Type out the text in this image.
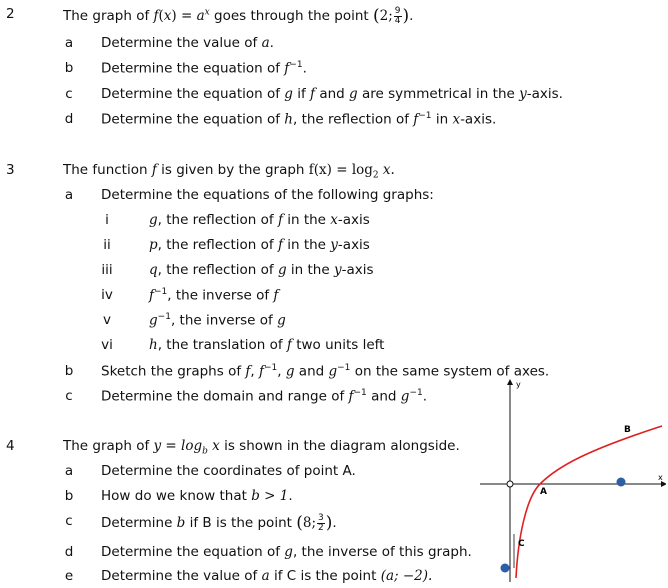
2	The graph of $f(x) = a^x$ goes through the point (2; $\frac{9}{4}$ ).
a Determine the value of a.
b Determine the equation of $f^{-1}$.
c Determine the equation of g if f and g are symmetrical in the y-axis.
d Determine the equation of h, the reflection of $f^{-1}$ in x-axis.
3	The function f is given by the graph $f(x) = \log_2 x$.
a Determine the equations of the following graphs:
i	g, the reflection of f in the x-axis
ii	p, the reflection of f in the y-axis
iii	q, the reflection of g in the y-axis
iv	$f^{-1}$, the inverse of f
v	$g^{-1}$, the inverse of g
vi	h, the translation of f two units left
b Sketch the graphs of f, $f^{-1}$, g and $g^{-1}$ on the same system of axes.
c Determine the domain and range of $f^{-1}$ and $g^{-1}$.
4	The graph of $y = \log_b x$ is shown in the diagram alongside.
a Determine the coordinates of point A.
b How do we know that b > 1.
c Determine b if B is the point (8; $\frac{3}{2}$ ).
d Determine the equation of g, the inverse of this graph.
e Determine the value of a if C is the point (a; −2).
y
x
A
B
C
